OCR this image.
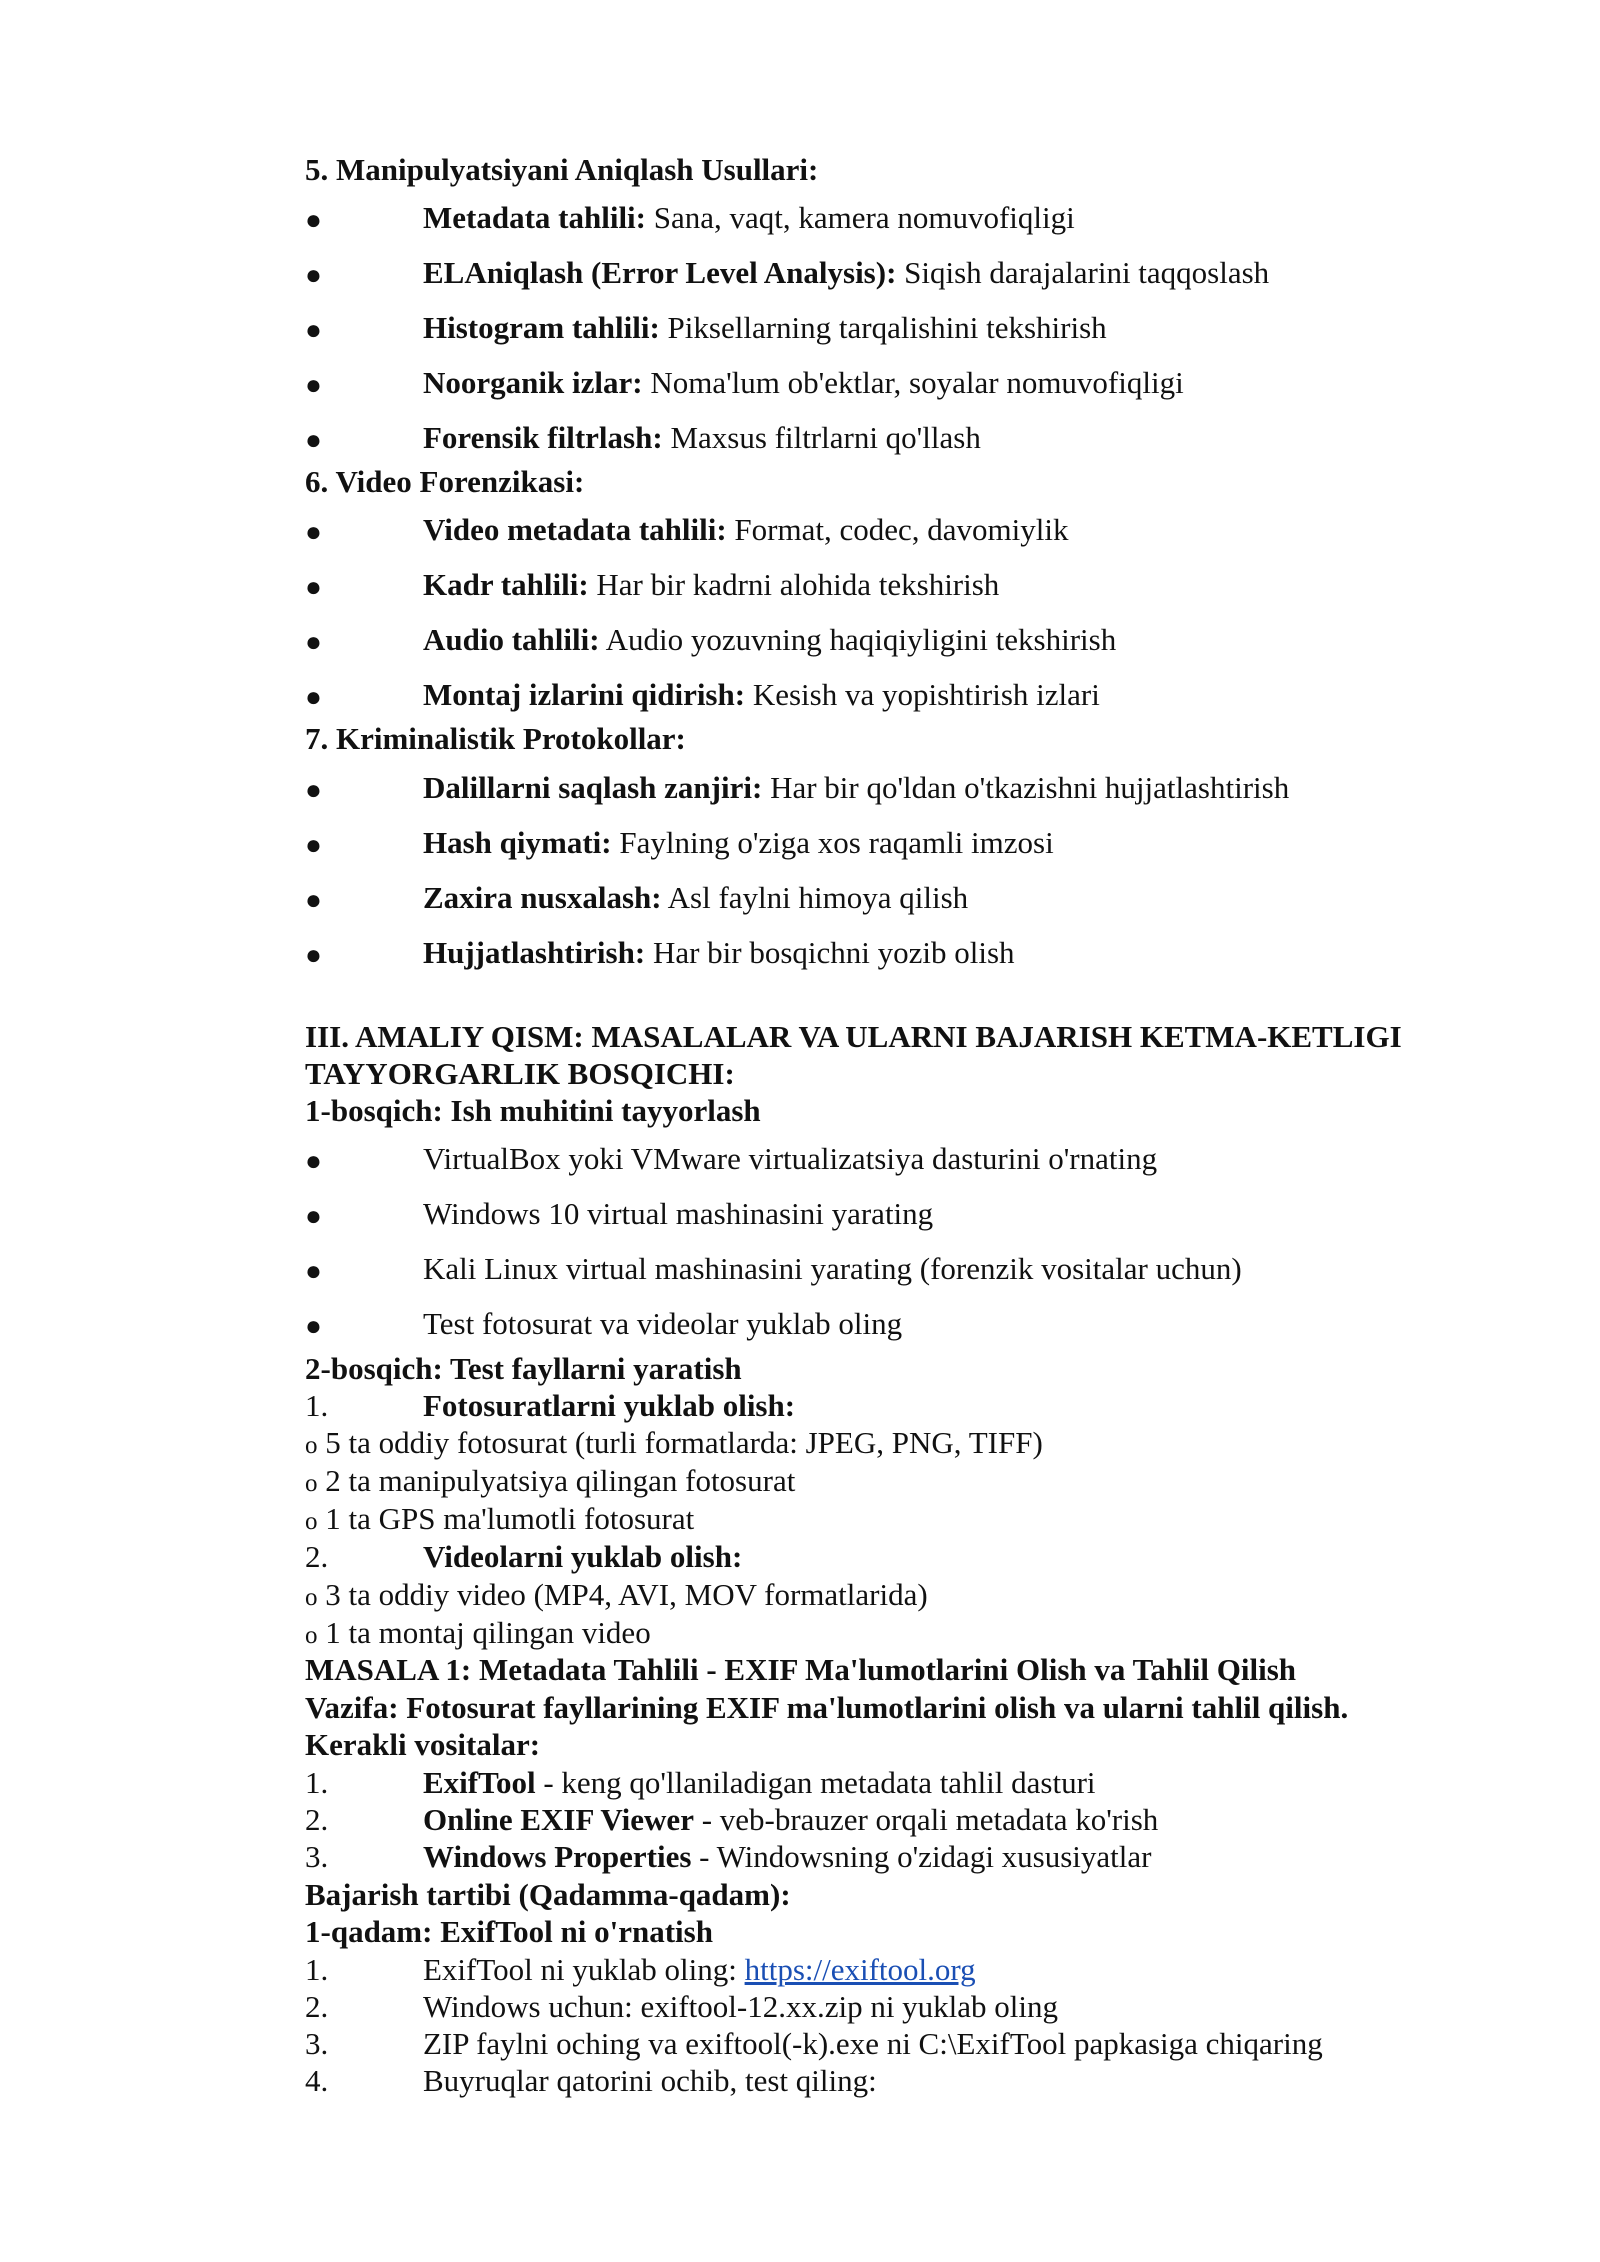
5. Manipulyatsiyani Aniqlash Usullari:
●	Metadata tahlili: Sana, vaqt, kamera nomuvofiqligi
●	ELAniqlash (Error Level Analysis): Siqish darajalarini taqqoslash
●	Histogram tahlili: Piksellarning tarqalishini tekshirish
●	Noorganik izlar: Noma'lum ob'ektlar, soyalar nomuvofiqligi
●	Forensik filtrlash: Maxsus filtrlarni qo'llash
6. Video Forenzikasi:
●	Video metadata tahlili: Format, codec, davomiylik
●	Kadr tahlili: Har bir kadrni alohida tekshirish
●	Audio tahlili: Audio yozuvning haqiqiyligini tekshirish
●	Montaj izlarini qidirish: Kesish va yopishtirish izlari
7. Kriminalistik Protokollar:
●	Dalillarni saqlash zanjiri: Har bir qo'ldan o'tkazishni hujjatlashtirish
●	Hash qiymati: Faylning o'ziga xos raqamli imzosi
●	Zaxira nusxalash: Asl faylni himoya qilish
●	Hujjatlashtirish: Har bir bosqichni yozib olish
III. AMALIY QISM: MASALALAR VA ULARNI BAJARISH KETMA-KETLIGI
TAYYORGARLIK BOSQICHI:
1-bosqich: Ish muhitini tayyorlash
●	VirtualBox yoki VMware virtualizatsiya dasturini o'rnating
●	Windows 10 virtual mashinasini yarating
●	Kali Linux virtual mashinasini yarating (forenzik vositalar uchun)
●	Test fotosurat va videolar yuklab oling
2-bosqich: Test fayllarni yaratish
1.	Fotosuratlarni yuklab olish:
o 5 ta oddiy fotosurat (turli formatlarda: JPEG, PNG, TIFF)
o 2 ta manipulyatsiya qilingan fotosurat
o 1 ta GPS ma'lumotli fotosurat
2.	Videolarni yuklab olish:
o 3 ta oddiy video (MP4, AVI, MOV formatlarida)
o 1 ta montaj qilingan video
MASALA 1: Metadata Tahlili - EXIF Ma'lumotlarini Olish va Tahlil Qilish
Vazifa: Fotosurat fayllarining EXIF ma'lumotlarini olish va ularni tahlil qilish.
Kerakli vositalar:
1.	ExifTool - keng qo'llaniladigan metadata tahlil dasturi
2.	Online EXIF Viewer - veb-brauzer orqali metadata ko'rish
3.	Windows Properties - Windowsning o'zidagi xususiyatlar
Bajarish tartibi (Qadamma-qadam):
1-qadam: ExifTool ni o'rnatish
1.	ExifTool ni yuklab oling: https://exiftool.org
2.	Windows uchun: exiftool-12.xx.zip ni yuklab oling
3.	ZIP faylni oching va exiftool(-k).exe ni C:\ExifTool papkasiga chiqaring
4.	Buyruqlar qatorini ochib, test qiling:
